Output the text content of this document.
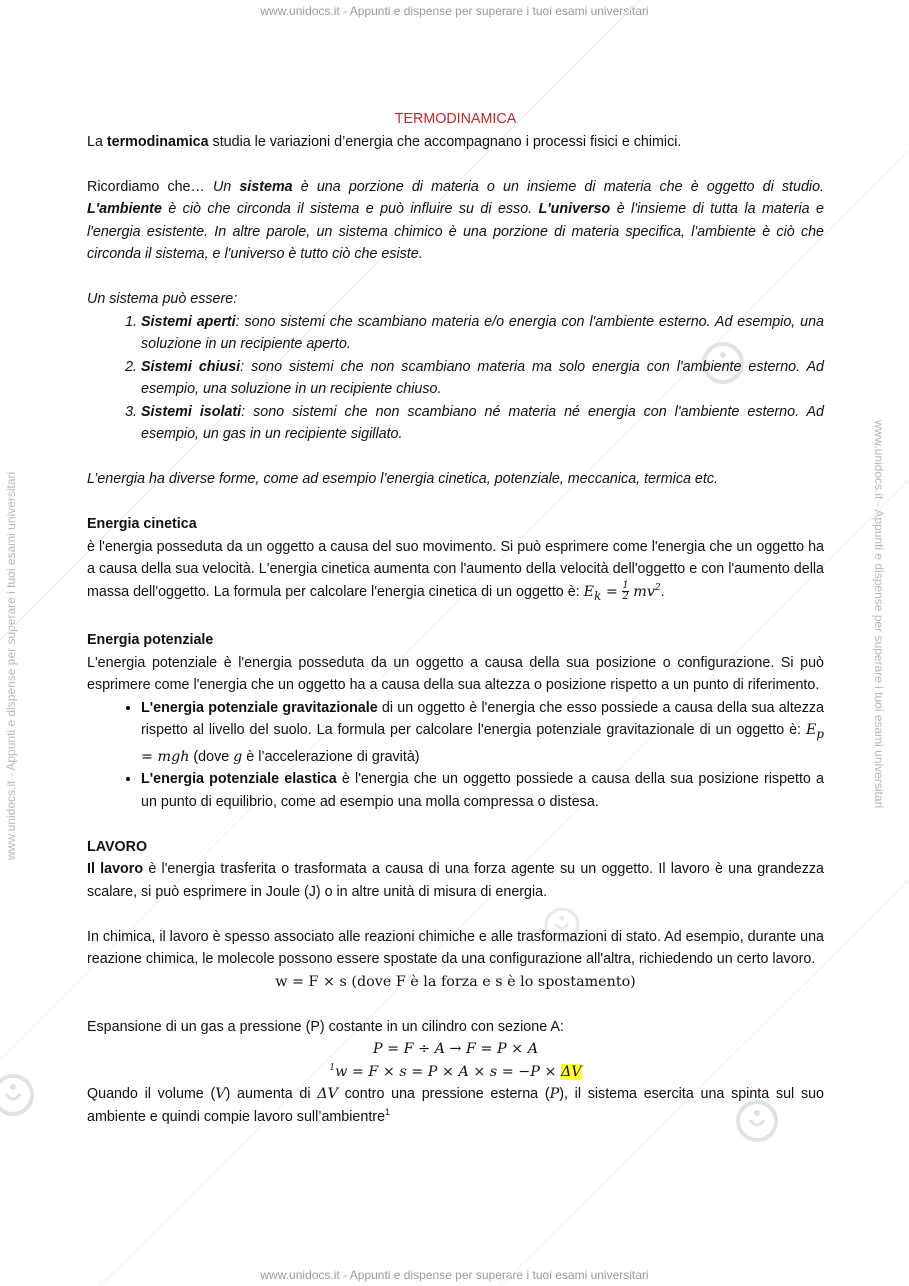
www.unidocs.it - Appunti e dispense per superare i tuoi esami universitari
www.unidocs.it - Appunti e dispense per superare i tuoi esami universitari
www.unidocs.it - Appunti e dispense per superare i tuoi esami universitari	www.unidocs.it - Appunti e dispense per superare i tuoi esami universitari

TERMODINAMICA

La termodinamica studia le variazioni d’energia che accompagnano i processi fisici e chimici.

Ricordiamo che… Un sistema è una porzione di materia o un insieme di materia che è oggetto di studio. L'ambiente è ciò che circonda il sistema e può influire su di esso. L'universo è l'insieme di tutta la materia e l'energia esistente. In altre parole, un sistema chimico è una porzione di materia specifica, l'ambiente è ciò che circonda il sistema, e l'universo è tutto ciò che esiste.

Un sistema può essere:

1. Sistemi aperti: sono sistemi che scambiano materia e/o energia con l'ambiente esterno. Ad esempio, una soluzione in un recipiente aperto.
2. Sistemi chiusi: sono sistemi che non scambiano materia ma solo energia con l'ambiente esterno. Ad esempio, una soluzione in un recipiente chiuso.
3. Sistemi isolati: sono sistemi che non scambiano né materia né energia con l'ambiente esterno. Ad esempio, un gas in un recipiente sigillato.

L’energia ha diverse forme, come ad esempio l’energia cinetica, potenziale, meccanica, termica etc.

Energia cinetica

è l'energia posseduta da un oggetto a causa del suo movimento. Si può esprimere come l'energia che un oggetto ha a causa della sua velocità. L'energia cinetica aumenta con l'aumento della velocità dell'oggetto e con l'aumento della massa dell'oggetto. La formula per calcolare l'energia cinetica di un oggetto è: $E_k = \frac{1}{2} mv^2$.

Energia potenziale

L'energia potenziale è l'energia posseduta da un oggetto a causa della sua posizione o configurazione. Si può esprimere come l'energia che un oggetto ha a causa della sua altezza o posizione rispetto a un punto di riferimento.

• L'energia potenziale gravitazionale di un oggetto è l'energia che esso possiede a causa della sua altezza rispetto al livello del suolo. La formula per calcolare l'energia potenziale gravitazionale di un oggetto è: $E_p$ = mgh (dove g è l’accelerazione di gravità)
• L'energia potenziale elastica è l'energia che un oggetto possiede a causa della sua posizione rispetto a un punto di equilibrio, come ad esempio una molla compressa o distesa.

LAVORO

Il lavoro è l'energia trasferita o trasformata a causa di una forza agente su un oggetto. Il lavoro è una grandezza scalare, si può esprimere in Joule (J) o in altre unità di misura di energia.

In chimica, il lavoro è spesso associato alle reazioni chimiche e alle trasformazioni di stato. Ad esempio, durante una reazione chimica, le molecole possono essere spostate da una configurazione all'altra, richiedendo un certo lavoro.

w = F × s (dove F è la forza e s è lo spostamento)

Espansione di un gas a pressione (P) costante in un cilindro con sezione A:

P = F ÷ A → F = P × A

$^1$w = F × s = P × A × s = −P × ΔV

Quando il volume (V) aumenta di ΔV contro una pressione esterna (P), il sistema esercita una spinta sul suo ambiente e quindi compie lavoro sull’ambientre$^1$
